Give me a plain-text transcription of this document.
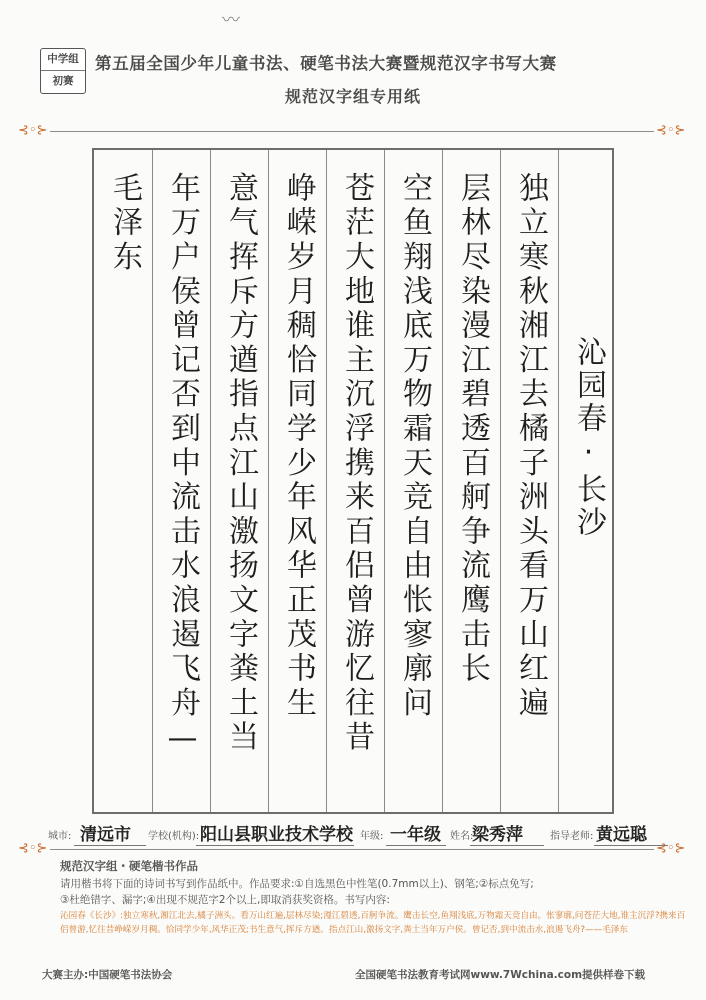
〰
中学组
初赛
第五届全国少年儿童书法、硬笔书法大赛暨规范汉字书写大赛
规范汉字组专用纸
⊰◦⊱	⊰◦⊱
沁园春·长沙
独立寒秋湘江去橘子洲头看万山红遍
层林尽染漫江碧透百舸争流鹰击长
空鱼翔浅底万物霜天竞自由怅寥廓问
苍茫大地谁主沉浮携来百侣曾游忆往昔
峥嵘岁月稠恰同学少年风华正茂书生
意气挥斥方遒指点江山激扬文字粪土当
年万户侯曾记否到中流击水浪遏飞舟—
毛泽东
城市: 清远市 学校(机构): 阳山县职业技术学校 年级: 一年级 姓名:
梁秀萍	指导老师: 黄远聪
⊰◦⊱	⊰◦⊱
规范汉字组・硬笔楷书作品
请用楷书将下面的诗词书写到作品纸中。作品要求:①自选黑色中性笔(0.7mm以上)、钢笔;②标点免写;
③杜绝错字、漏字;④出现不规范字2个以上,即取消获奖资格。书写内容:
沁园春《长沙》:独立寒秋,湘江北去,橘子洲头。看万山红遍,层林尽染;漫江碧透,百舸争流。鹰击长空,鱼翔浅底,万物霜天竞自由。怅寥廓,问苍茫大地,谁主沉浮?携来百侣曾游,忆往昔峥嵘岁月稠。恰同学少年,风华正茂;书生意气,挥斥方遒。指点江山,激扬文字,粪土当年万户侯。曾记否,到中流击水,浪遏飞舟?——毛泽东
大赛主办:中国硬笔书法协会	全国硬笔书法教育考试网www.7Wchina.com提供样卷下载
